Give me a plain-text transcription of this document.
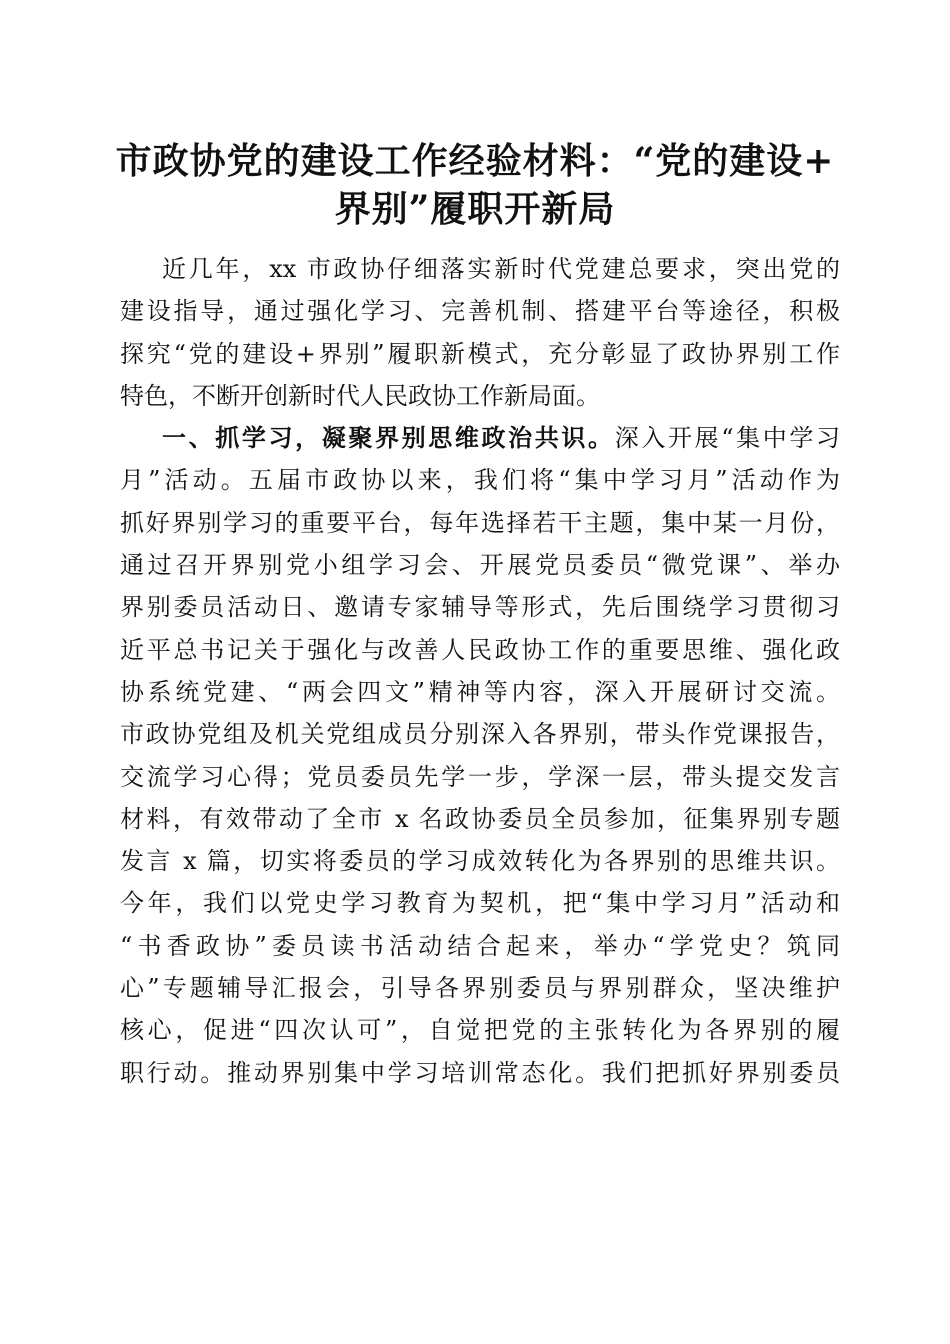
市政协党的建设工作经验材料：“党的建设+
界别”履职开新局
近几年，xx 市政协仔细落实新时代党建总要求，突出党的
建设指导，通过强化学习、完善机制、搭建平台等途径，积极
探究“党的建设+界别”履职新模式，充分彰显了政协界别工作
特色，不断开创新时代人民政协工作新局面。
一、抓学习，凝聚界别思维政治共识。深入开展“集中学习
月”活动。五届市政协以来，我们将“集中学习月”活动作为
抓好界别学习的重要平台，每年选择若干主题，集中某一月份，
通过召开界别党小组学习会、开展党员委员“微党课”、举办
界别委员活动日、邀请专家辅导等形式，先后围绕学习贯彻习
近平总书记关于强化与改善人民政协工作的重要思维、强化政
协系统党建、“两会四文”精神等内容，深入开展研讨交流。
市政协党组及机关党组成员分别深入各界别，带头作党课报告，
交流学习心得；党员委员先学一步，学深一层，带头提交发言
材料，有效带动了全市 x 名政协委员全员参加，征集界别专题
发言 x 篇，切实将委员的学习成效转化为各界别的思维共识。
今年，我们以党史学习教育为契机，把“集中学习月”活动和
“书香政协”委员读书活动结合起来，举办“学党史？筑同
心”专题辅导汇报会，引导各界别委员与界别群众，坚决维护
核心，促进“四次认可”，自觉把党的主张转化为各界别的履
职行动。推动界别集中学习培训常态化。我们把抓好界别委员
